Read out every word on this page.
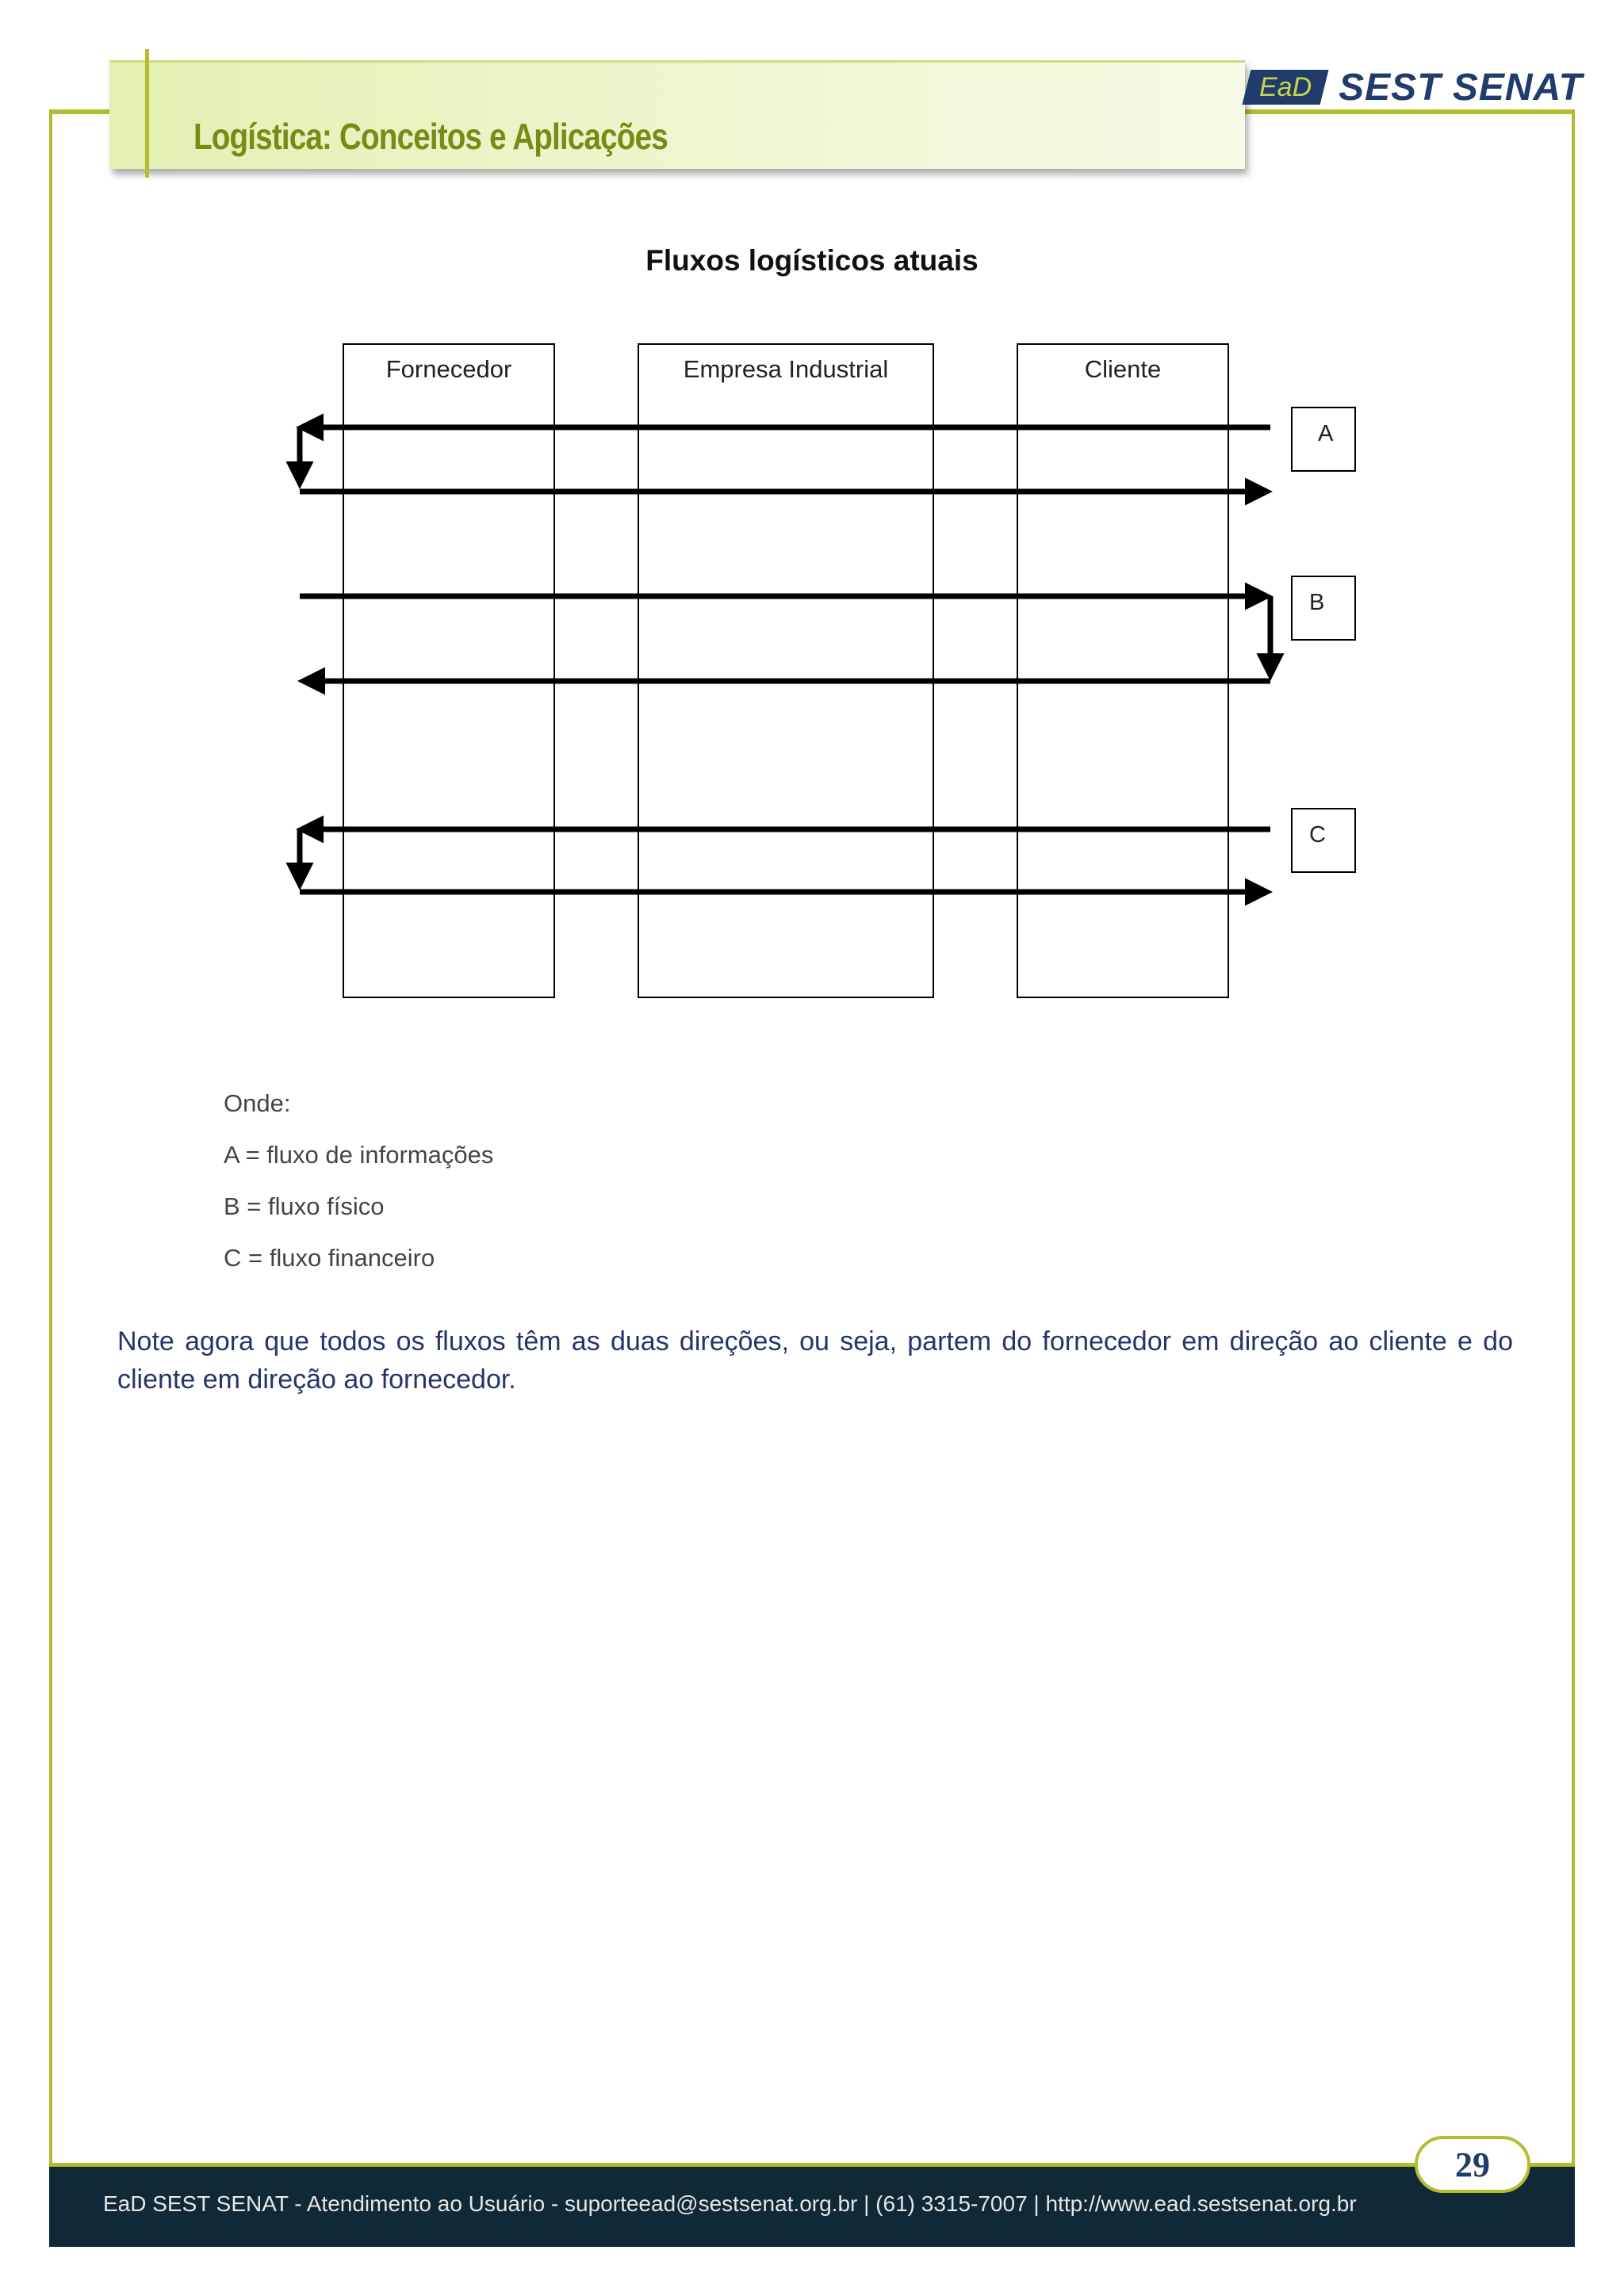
Logística: Conceitos e Aplicações
EaD SEST SENAT
Fluxos logísticos atuais
Fornecedor	Empresa Industrial	Cliente
A
B
C
Onde:
A = fluxo de informações
B = fluxo físico
C = fluxo financeiro
Note agora que todos os fluxos têm as duas direções, ou seja, partem do fornecedor em direção ao cliente e do cliente em direção ao fornecedor.
EaD SEST SENAT - Atendimento ao Usuário - suporteead@sestsenat.org.br | (61) 3315-7007 | http://www.ead.sestsenat.org.br
29
